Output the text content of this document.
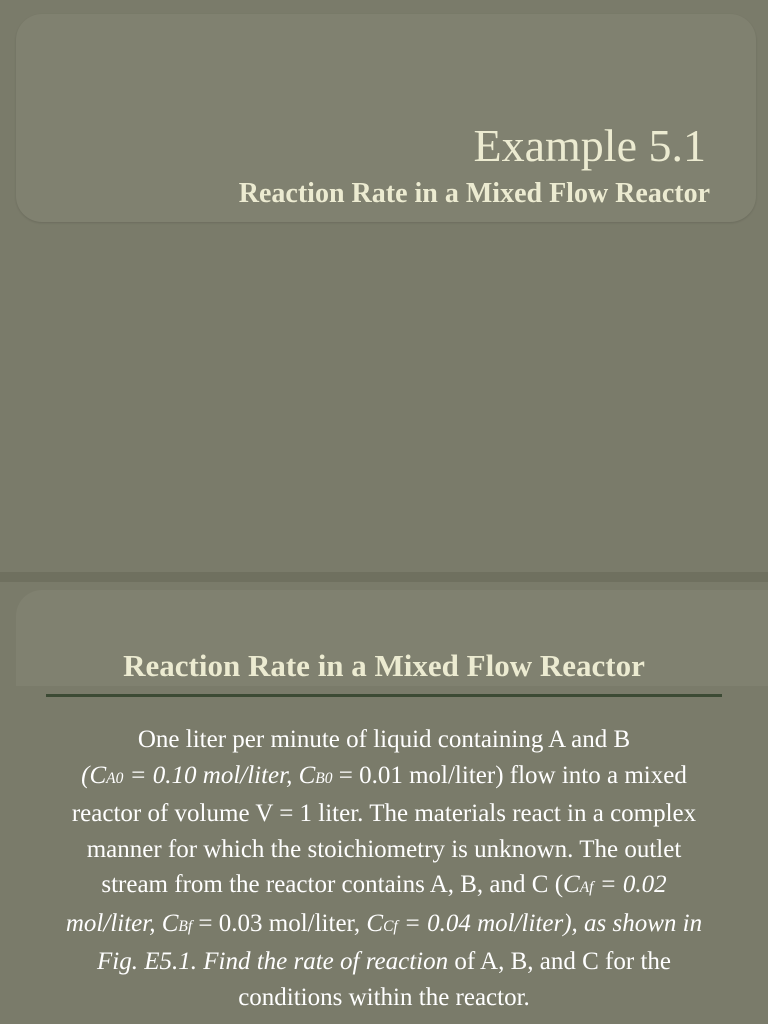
Example 5.1
Reaction Rate in a Mixed Flow Reactor
Reaction Rate in a Mixed Flow Reactor
One liter per minute of liquid containing A and B
(CA0 = 0.10 mol/liter, CB0 = 0.01 mol/liter) flow into a mixed reactor of volume V = 1 liter. The materials react in a complex manner for which the stoichiometry is unknown. The outlet stream from the reactor contains A, B, and C (CAf = 0.02 mol/liter, CBf = 0.03 mol/liter, CCf = 0.04 mol/liter), as shown in Fig. E5.1. Find the rate of reaction of A, B, and C for the conditions within the reactor.
